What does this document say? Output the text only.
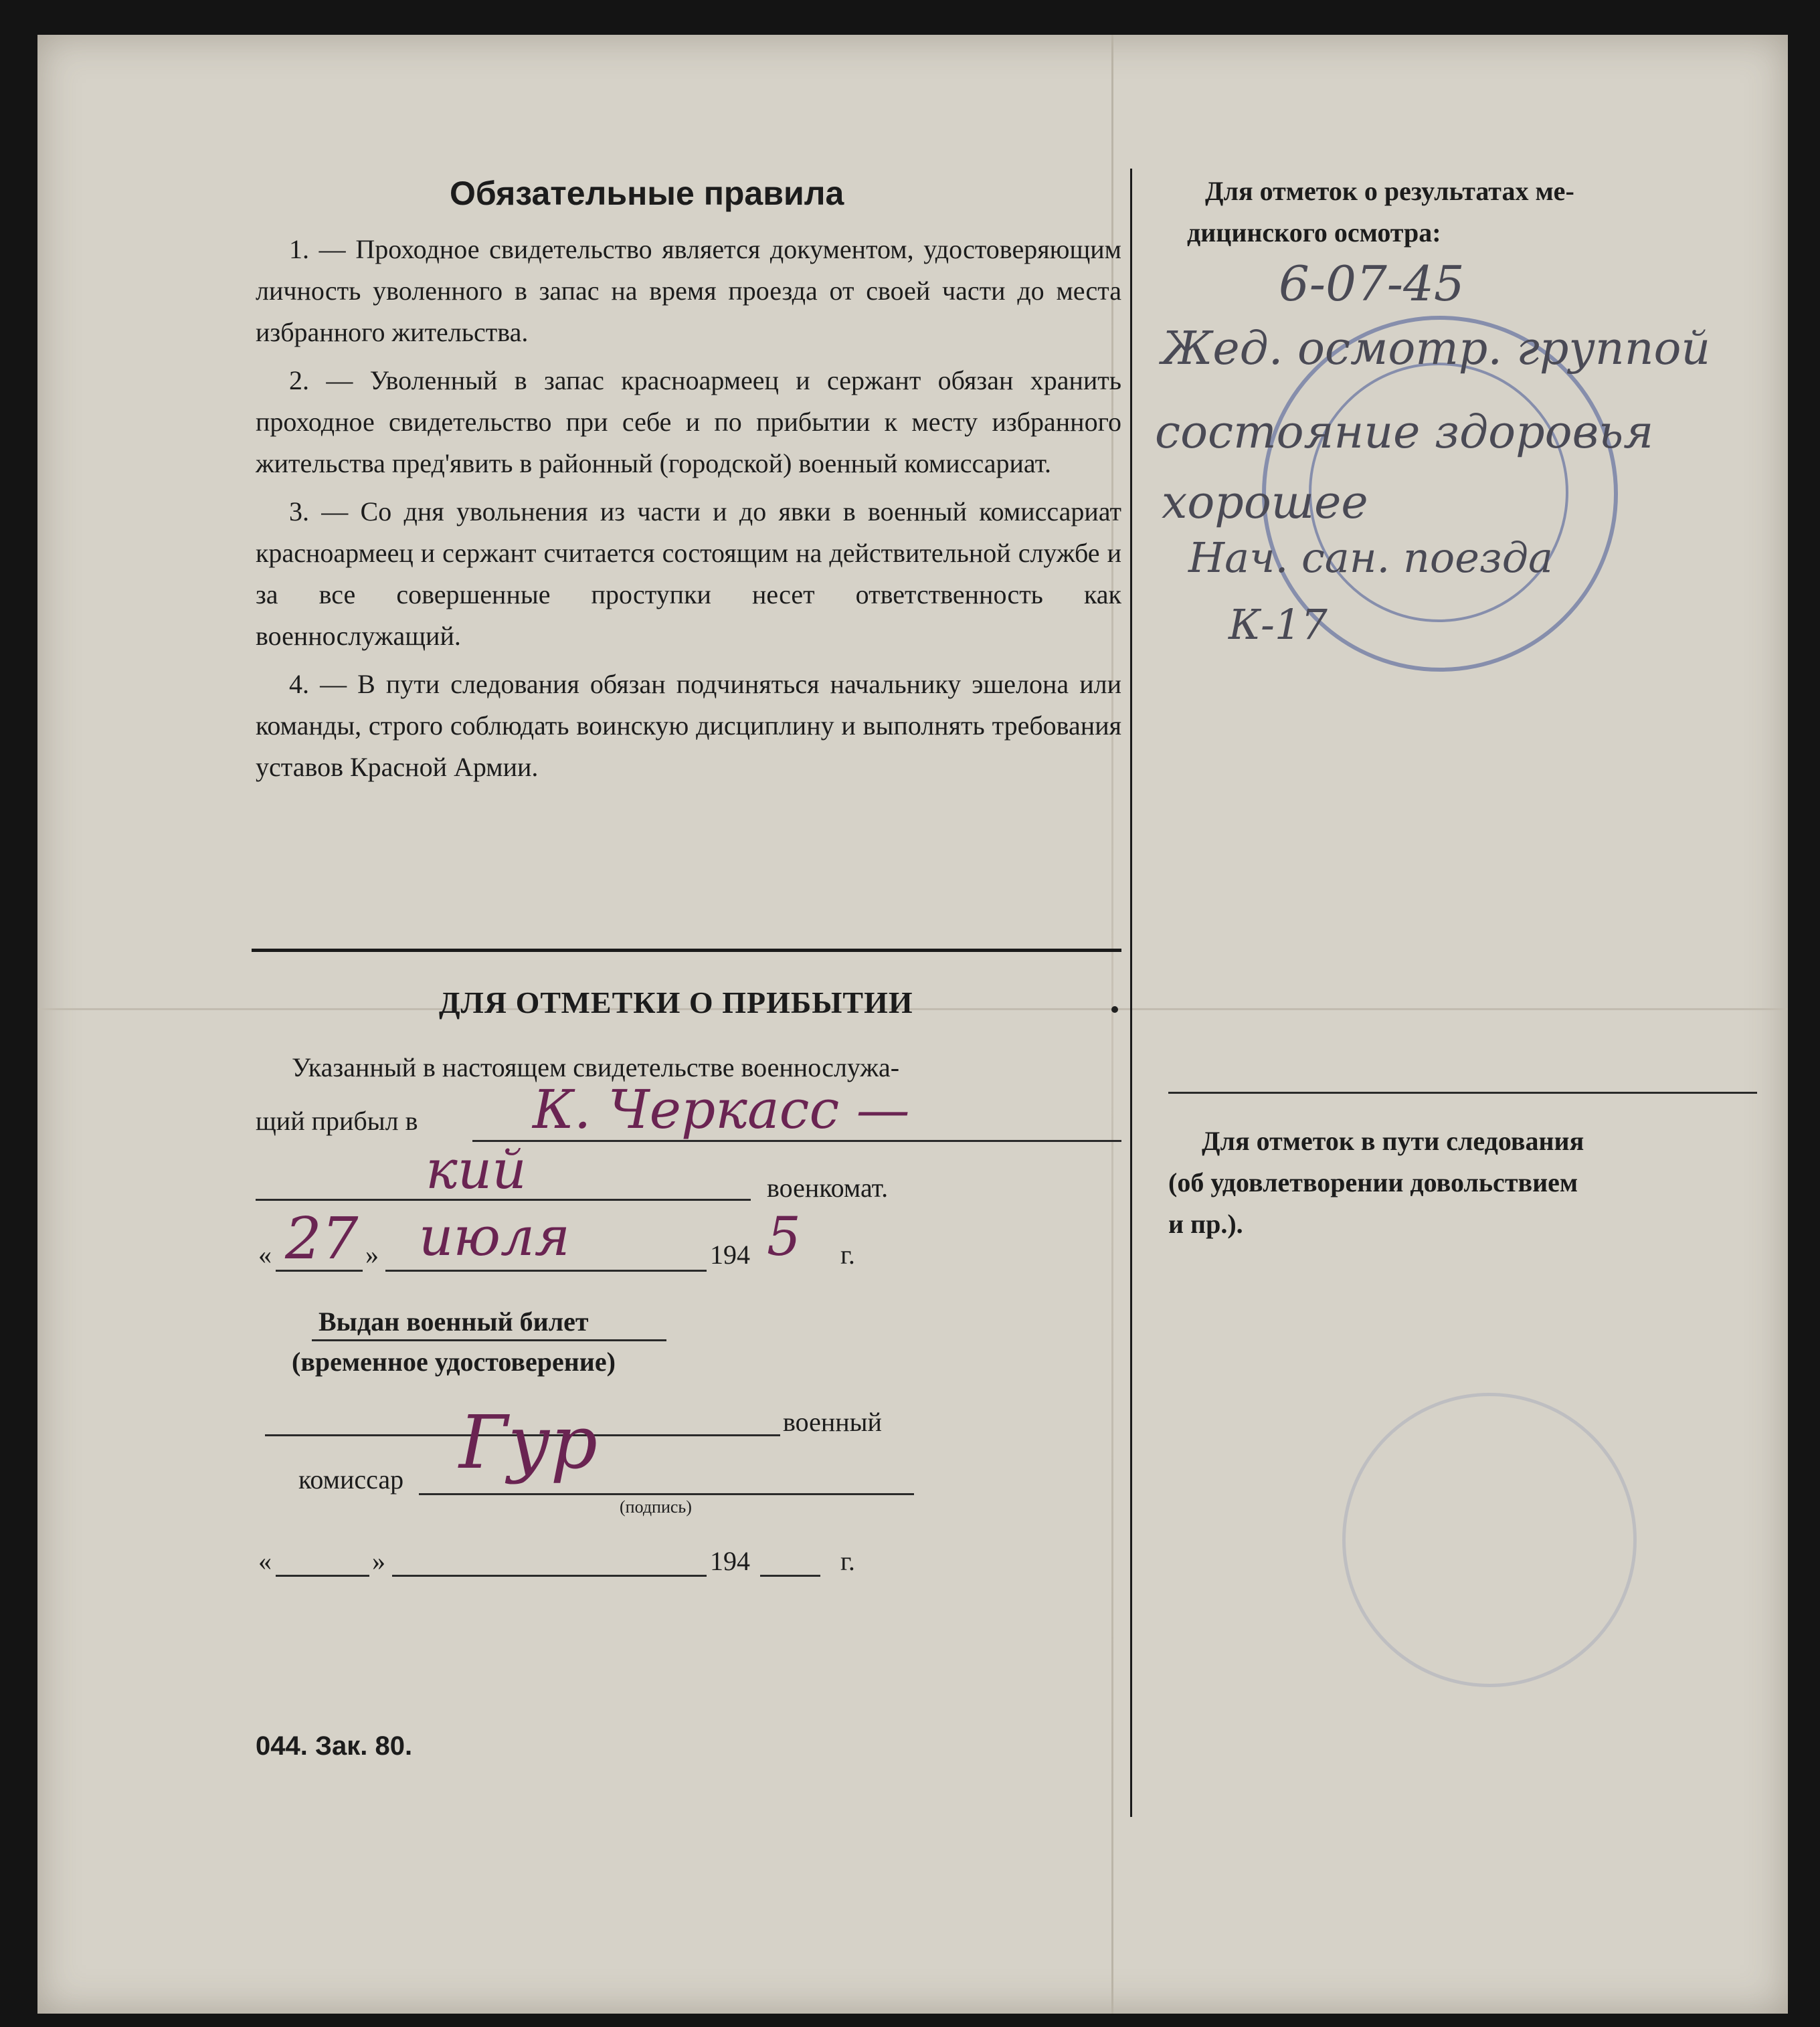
Обязательные правила

1. — Проходное свидетельство является документом, удостоверяющим личность уволенного в запас на время проезда от своей части до места избранного жительства.

2. — Уволенный в запас красноармеец и сержант обязан хранить проходное свидетельство при себе и по прибытии к месту избранного жительства пред'явить в районный (городской) военный комиссариат.

3. — Со дня увольнения из части и до явки в военный комиссариат красноармеец и сержант считается состоящим на действительной службе и за все совершенные проступки несет ответственность как военнослужащий.

4. — В пути следования обязан подчиняться начальнику эшелона или команды, строго соблюдать воинскую дисциплину и выполнять требования уставов Красной Армии.

ДЛЯ ОТМЕТКИ О ПРИБЫТИИ
Указанный в настоящем свидетельстве военнослужа-
щий прибыл в К. Черкасс —
кий	военкомат.
« 27 » июля	194 5 г.
Выдан военный билет
(временное удостоверение)
военный
комиссар Гур
(подпись)
«	»	194	г.
044. Зак. 80.
Для отметок о результатах ме-
дицинского осмотра:
6-07-45
Жед. осмотр. группой
состояние здоровья
хорошее
Нач. сан. поезда
К-17
Для отметок в пути следования
(об удовлетворении довольствием
и пр.).
